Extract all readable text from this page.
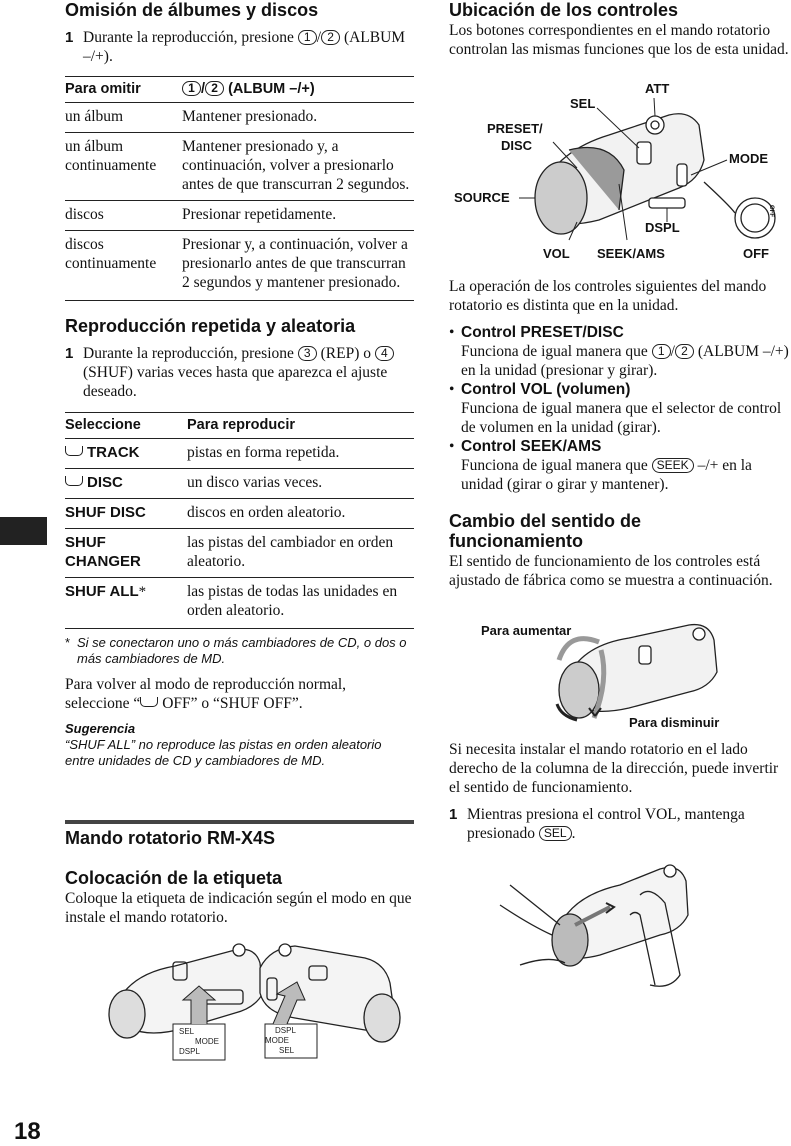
Omisión de álbumes y discos
1 Durante la reproducción, presione 1 / 2 (ALBUM –/+).
Para omitir	1 / 2 (ALBUM –/+)
un álbum	Mantener presionado.
un álbum continuamente	Mantener presionado y, a continuación, volver a presionarlo antes de que transcurran 2 segundos.
discos	Presionar repetidamente.
discos continuamente	Presionar y, a continuación, volver a presionarlo antes de que transcurran 2 segundos y mantener presionado.
Reproducción repetida y aleatoria
1 Durante la reproducción, presione 3 (REP) o 4 (SHUF) varias veces hasta que aparezca el ajuste deseado.
Seleccione	Para reproducir
TRACK	pistas en forma repetida.
DISC	un disco varias veces.
SHUF DISC	discos en orden aleatorio.
SHUF CHANGER	las pistas del cambiador en orden aleatorio.
SHUF ALL*	las pistas de todas las unidades en orden aleatorio.
* Si se conectaron uno o más cambiadores de CD, o dos o más cambiadores de MD.
Para volver al modo de reproducción normal, seleccione “ OFF” o “SHUF OFF”.
Sugerencia
“SHUF ALL” no reproduce las pistas en orden aleatorio entre unidades de CD y cambiadores de MD.
Mando rotatorio RM-X4S
Colocación de la etiqueta
Coloque la etiqueta de indicación según el modo en que instale el mando rotatorio.
SEL
MODE
DSPL
DSPL
MODE
SEL
18
Ubicación de los controles
Los botones correspondientes en el mando rotatorio controlan las mismas funciones que los de esta unidad.
ATT
SEL
PRESET/
DISC
MODE
SOURCE
DSPL
VOL SEEK/AMS	OFF
OFF
La operación de los controles siguientes del mando rotatorio es distinta que en la unidad.
• Control PRESET/DISC
Funciona de igual manera que 1 / 2 (ALBUM –/+) en la unidad (presionar y girar).
• Control VOL (volumen)
Funciona de igual manera que el selector de control de volumen en la unidad (girar).
• Control SEEK/AMS
Funciona de igual manera que SEEK –/+ en la unidad (girar o girar y mantener).
Cambio del sentido de
funcionamiento
El sentido de funcionamiento de los controles está ajustado de fábrica como se muestra a continuación.
Para aumentar
Para disminuir
Si necesita instalar el mando rotatorio en el lado derecho de la columna de la dirección, puede invertir el sentido de funcionamiento.
1 Mientras presiona el control VOL, mantenga presionado SEL .
